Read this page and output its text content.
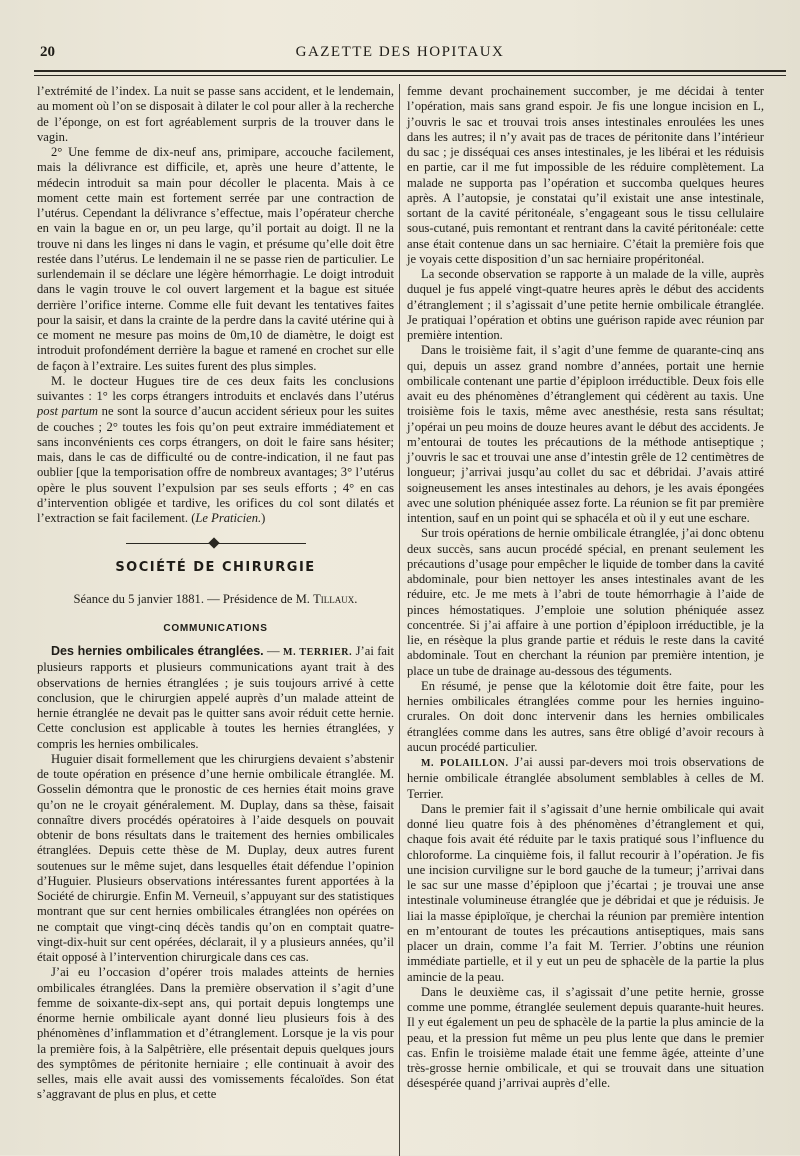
20	GAZETTE DES HOPITAUX

l’extrémité de l’index. La nuit se passe sans accident, et le lendemain, au moment où l’on se disposait à dilater le col pour aller à la recherche de l’éponge, on est fort agréablement surpris de la trouver dans le vagin.

2° Une femme de dix-neuf ans, primipare, accouche facilement, mais la délivrance est difficile, et, après une heure d’attente, le médecin introduit sa main pour décoller le placenta. Mais à ce moment cette main est fortement serrée par une contraction de l’utérus. Cependant la délivrance s’effectue, mais l’opérateur cherche en vain la bague en or, un peu large, qu’il portait au doigt. Il ne la trouve ni dans les linges ni dans le vagin, et présume qu’elle doit être restée dans l’utérus. Le lendemain il ne se passe rien de particulier. Le surlendemain il se déclare une légère hémorrhagie. Le doigt introduit dans le vagin trouve le col ouvert largement et la bague est située derrière l’orifice interne. Comme elle fuit devant les tentatives faites pour la saisir, et dans la crainte de la perdre dans la cavité utérine qui à ce moment ne mesure pas moins de 0m,10 de diamètre, le doigt est introduit profondément derrière la bague et ramené en crochet sur elle de façon à l’extraire. Les suites furent des plus simples.

M. le docteur Hugues tire de ces deux faits les conclusions suivantes : 1° les corps étrangers introduits et enclavés dans l’utérus post partum ne sont la source d’aucun accident sérieux pour les suites de couches ; 2° toutes les fois qu’on peut extraire immédiatement et sans inconvénients ces corps étrangers, on doit le faire sans hésiter; mais, dans le cas de difficulté ou de contre-indication, il ne faut pas oublier [que la temporisation offre de nombreux avantages; 3° l’utérus opère le plus souvent l’expulsion par ses seuls efforts ; 4° en cas d’intervention obligée et tardive, les orifices du col sont dilatés et l’extraction se fait facilement. (Le Praticien.)

SOCIÉTÉ DE CHIRURGIE
Séance du 5 janvier 1881. — Présidence de M. Tillaux.
COMMUNICATIONS

Des hernies ombilicales étranglées. — M. TERRIER. J’ai fait plusieurs rapports et plusieurs communications ayant trait à des observations de hernies étranglées ; je suis toujours arrivé à cette conclusion, que le chirurgien appelé auprès d’un malade atteint de hernie étranglée ne devait pas le quitter sans avoir réduit cette hernie. Cette conclusion est applicable à toutes les hernies étranglées, y compris les hernies ombilicales.

Huguier disait formellement que les chirurgiens devaient s’abstenir de toute opération en présence d’une hernie ombilicale étranglée. M. Gosselin démontra que le pronostic de ces hernies était moins grave qu’on ne le croyait généralement. M. Duplay, dans sa thèse, faisait connaître divers procédés opératoires à l’aide desquels on pouvait obtenir de bons résultats dans le traitement des hernies ombilicales étranglées. Depuis cette thèse de M. Duplay, deux autres furent soutenues sur le même sujet, dans lesquelles était défendue l’opinion d’Huguier. Plusieurs observations intéressantes furent apportées à la Société de chirurgie. Enfin M. Verneuil, s’appuyant sur des statistiques montrant que sur cent hernies ombilicales étranglées non opérées on ne comptait que vingt-cinq décès tandis qu’on en comptait quatre-vingt-dix-huit sur cent opérées, déclarait, il y a plusieurs années, qu’il était opposé à l’intervention chirurgicale dans ces cas.

J’ai eu l’occasion d’opérer trois malades atteints de hernies ombilicales étranglées. Dans la première observation il s’agit d’une femme de soixante-dix-sept ans, qui portait depuis longtemps une énorme hernie ombilicale ayant donné lieu plusieurs fois à des phénomènes d’inflammation et d’étranglement. Lorsque je la vis pour la première fois, à la Salpêtrière, elle présentait depuis quelques jours des symptômes de péritonite herniaire ; elle continuait à avoir des selles, mais elle avait aussi des vomissements fécaloïdes. Son état s’aggravant de plus en plus, et cette

femme devant prochainement succomber, je me décidai à tenter l’opération, mais sans grand espoir. Je fis une longue incision en L, j’ouvris le sac et trouvai trois anses intestinales enroulées les unes dans les autres; il n’y avait pas de traces de péritonite dans l’intérieur du sac ; je disséquai ces anses intestinales, je les libérai et les réduisis en partie, car il me fut impossible de les réduire complètement. La malade ne supporta pas l’opération et succomba quelques heures après. A l’autopsie, je constatai qu’il existait une anse intestinale, sortant de la cavité péritonéale, s’engageant sous le tissu cellulaire sous-cutané, puis remontant et rentrant dans la cavité péritonéale: cette anse était contenue dans un sac herniaire. C’était la première fois que je voyais cette disposition d’un sac herniaire propéritonéal.

La seconde observation se rapporte à un malade de la ville, auprès duquel je fus appelé vingt-quatre heures après le début des accidents d’étranglement ; il s’agissait d’une petite hernie ombilicale étranglée. Je pratiquai l’opération et obtins une guérison rapide avec réunion par première intention.

Dans le troisième fait, il s’agit d’une femme de quarante-cinq ans qui, depuis un assez grand nombre d’années, portait une hernie ombilicale contenant une partie d’épiploon irréductible. Deux fois elle avait eu des phénomènes d’étranglement qui cédèrent au taxis. Une troisième fois le taxis, même avec anesthésie, resta sans résultat; j’opérai un peu moins de douze heures avant le début des accidents. Je m’entourai de toutes les précautions de la méthode antiseptique ; j’ouvris le sac et trouvai une anse d’intestin grêle de 12 centimètres de longueur; j’arrivai jusqu’au collet du sac et débridai. J’avais attiré soigneusement les anses intestinales au dehors, je les avais épongées avec une solution phéniquée assez forte. La réunion se fit par première intention, sauf en un point qui se sphacéla et où il y eut une eschare.

Sur trois opérations de hernie ombilicale étranglée, j’ai donc obtenu deux succès, sans aucun procédé spécial, en prenant seulement les précautions d’usage pour empêcher le liquide de tomber dans la cavité abdominale, pour bien nettoyer les anses intestinales avant de les réduire, etc. Je me mets à l’abri de toute hémorrhagie à l’aide de pinces hémostatiques. J’emploie une solution phéniquée assez concentrée. Si j’ai affaire à une portion d’épiploon irréductible, je la lie, en résèque la plus grande partie et réduis le reste dans la cavité abdominale. Tout en cherchant la réunion par première intention, je place un tube de drainage au-dessous des téguments.

En résumé, je pense que la kélotomie doit être faite, pour les hernies ombilicales étranglées comme pour les hernies inguino-crurales. On doit donc intervenir dans les hernies ombilicales étranglées comme dans les autres, sans être obligé d’avoir recours à aucun procédé particulier.

M. POLAILLON. J’ai aussi par-devers moi trois observations de hernie ombilicale étranglée absolument semblables à celles de M. Terrier.

Dans le premier fait il s’agissait d’une hernie ombilicale qui avait donné lieu quatre fois à des phénomènes d’étranglement et qui, chaque fois avait été réduite par le taxis pratiqué sous l’influence du chloroforme. La cinquième fois, il fallut recourir à l’opération. Je fis une incision curviligne sur le bord gauche de la tumeur; j’arrivai dans le sac sur une masse d’épiploon que j’écartai ; je trouvai une anse intestinale volumineuse étranglée que je débridai et que je réduisis. Je liai la masse épiploïque, je cherchai la réunion par première intention en m’entourant de toutes les précautions antiseptiques, mais sans placer un drain, comme l’a fait M. Terrier. J’obtins une réunion immédiate partielle, et il y eut un peu de sphacèle de la partie la plus amincie de la peau.

Dans le deuxième cas, il s’agissait d’une petite hernie, grosse comme une pomme, étranglée seulement depuis quarante-huit heures. Il y eut également un peu de sphacèle de la partie la plus amincie de la peau, et la pression fut même un peu plus lente que dans le premier cas. Enfin le troisième malade était une femme âgée, atteinte d’une très-grosse hernie ombilicale, et qui se trouvait dans une situation désespérée quand j’arrivai auprès d’elle.
